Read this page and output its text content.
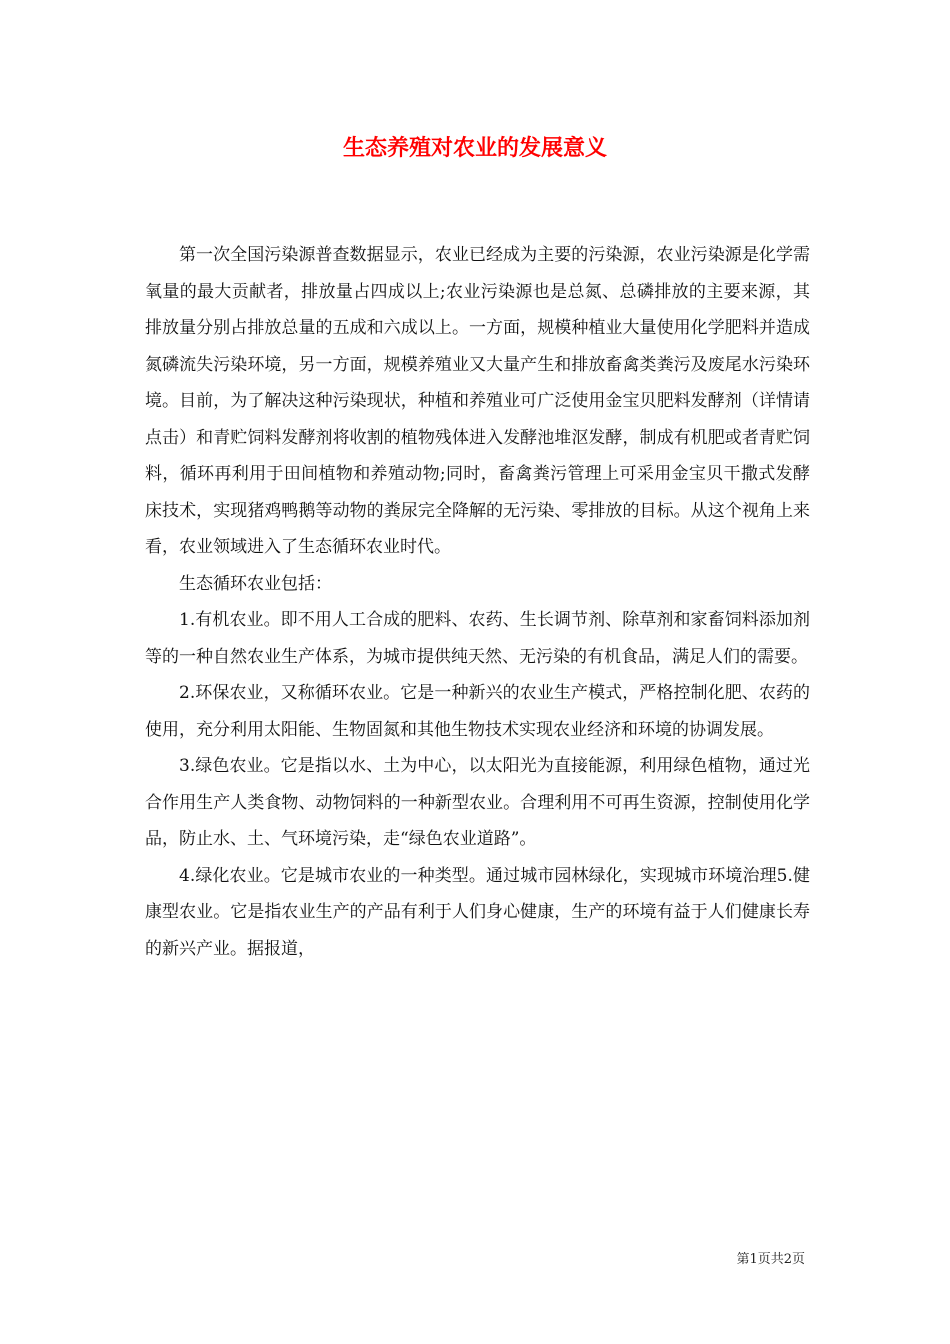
生态养殖对农业的发展意义

第一次全国污染源普查数据显示，农业已经成为主要的污染源，农业污染源是化学需氧量的最大贡献者，排放量占四成以上;农业污染源也是总氮、总磷排放的主要来源，其排放量分别占排放总量的五成和六成以上。一方面，规模种植业大量使用化学肥料并造成氮磷流失污染环境，另一方面，规模养殖业又大量产生和排放畜禽类粪污及废尾水污染环境。目前，为了解决这种污染现状，种植和养殖业可广泛使用金宝贝肥料发酵剂（详情请点击）和青贮饲料发酵剂将收割的植物残体进入发酵池堆沤发酵，制成有机肥或者青贮饲料，循环再利用于田间植物和养殖动物;同时，畜禽粪污管理上可采用金宝贝干撒式发酵床技术，实现猪鸡鸭鹅等动物的粪尿完全降解的无污染、零排放的目标。从这个视角上来看，农业领域进入了生态循环农业时代。

生态循环农业包括：

1.有机农业。即不用人工合成的肥料、农药、生长调节剂、除草剂和家畜饲料添加剂等的一种自然农业生产体系，为城市提供纯天然、无污染的有机食品，满足人们的需要。

2.环保农业，又称循环农业。它是一种新兴的农业生产模式，严格控制化肥、农药的使用，充分利用太阳能、生物固氮和其他生物技术实现农业经济和环境的协调发展。

3.绿色农业。它是指以水、土为中心，以太阳光为直接能源，利用绿色植物，通过光合作用生产人类食物、动物饲料的一种新型农业。合理利用不可再生资源，控制使用化学品，防止水、土、气环境污染，走“绿色农业道路”。

4.绿化农业。它是城市农业的一种类型。通过城市园林绿化，实现城市环境治理5.健康型农业。它是指农业生产的产品有利于人们身心健康，生产的环境有益于人们健康长寿的新兴产业。据报道，

第1页共2页
